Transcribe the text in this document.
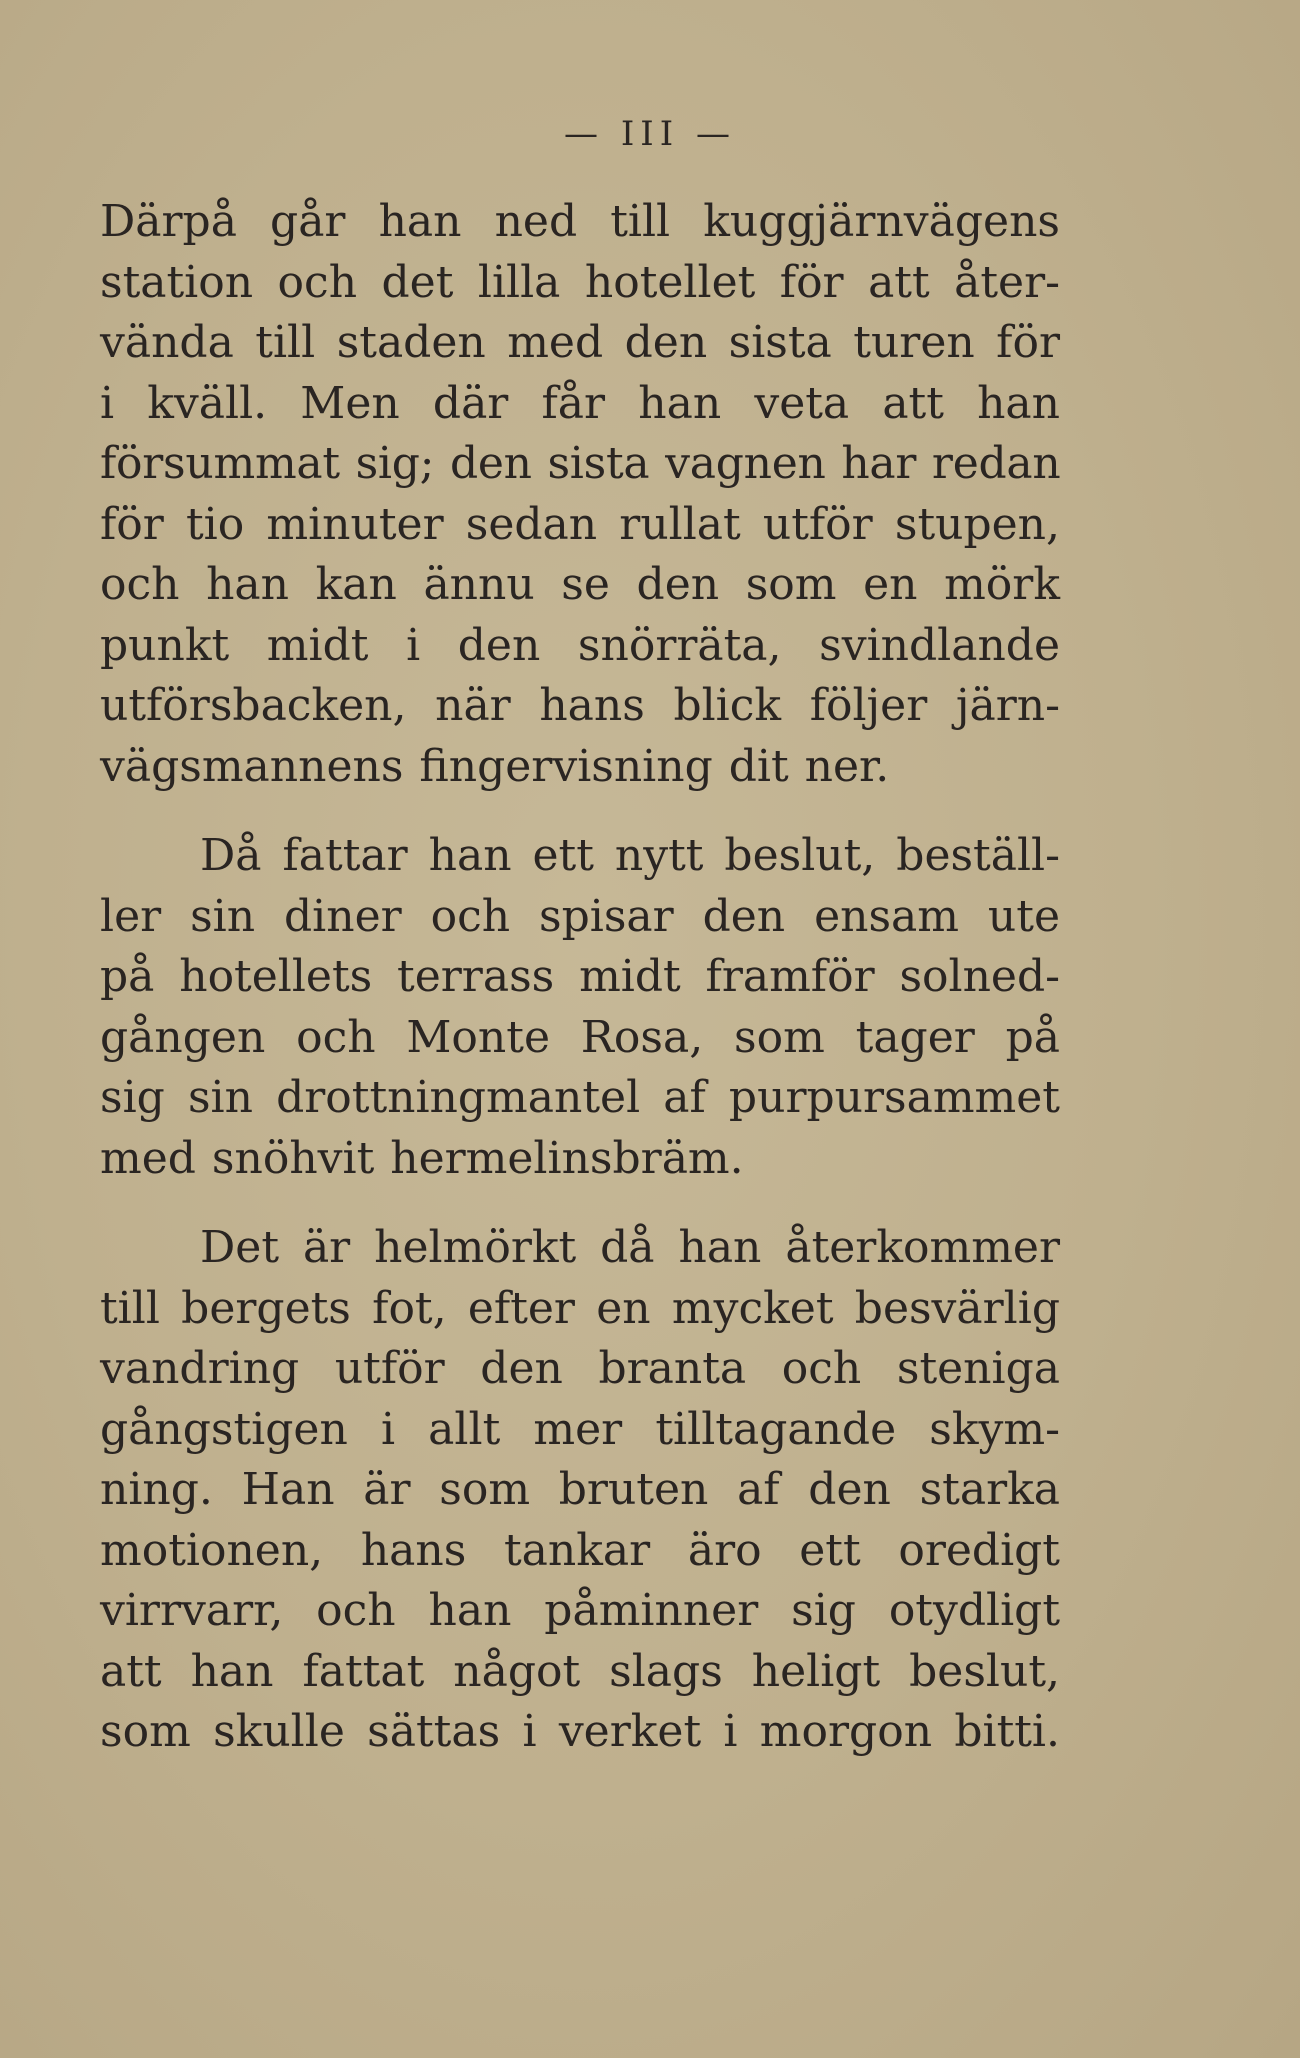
— III —

Därpå går han ned till kuggjärnvägens
station och det lilla hotellet för att åter-
vända till staden med den sista turen för
i kväll. Men där får han veta att han
försummat sig; den sista vagnen har redan
för tio minuter sedan rullat utför stupen,
och han kan ännu se den som en mörk
punkt midt i den snörräta, svindlande
utförsbacken, när hans blick följer järn-
vägsmannens fingervisning dit ner.

Då fattar han ett nytt beslut, beställ-
ler sin diner och spisar den ensam ute
på hotellets terrass midt framför solned-
gången och Monte Rosa, som tager på
sig sin drottningmantel af purpursammet
med snöhvit hermelinsbräm.

Det är helmörkt då han återkommer
till bergets fot, efter en mycket besvärlig
vandring utför den branta och steniga
gångstigen i allt mer tilltagande skym-
ning. Han är som bruten af den starka
motionen, hans tankar äro ett oredigt
virrvarr, och han påminner sig otydligt
att han fattat något slags heligt beslut,
som skulle sättas i verket i morgon bitti.
